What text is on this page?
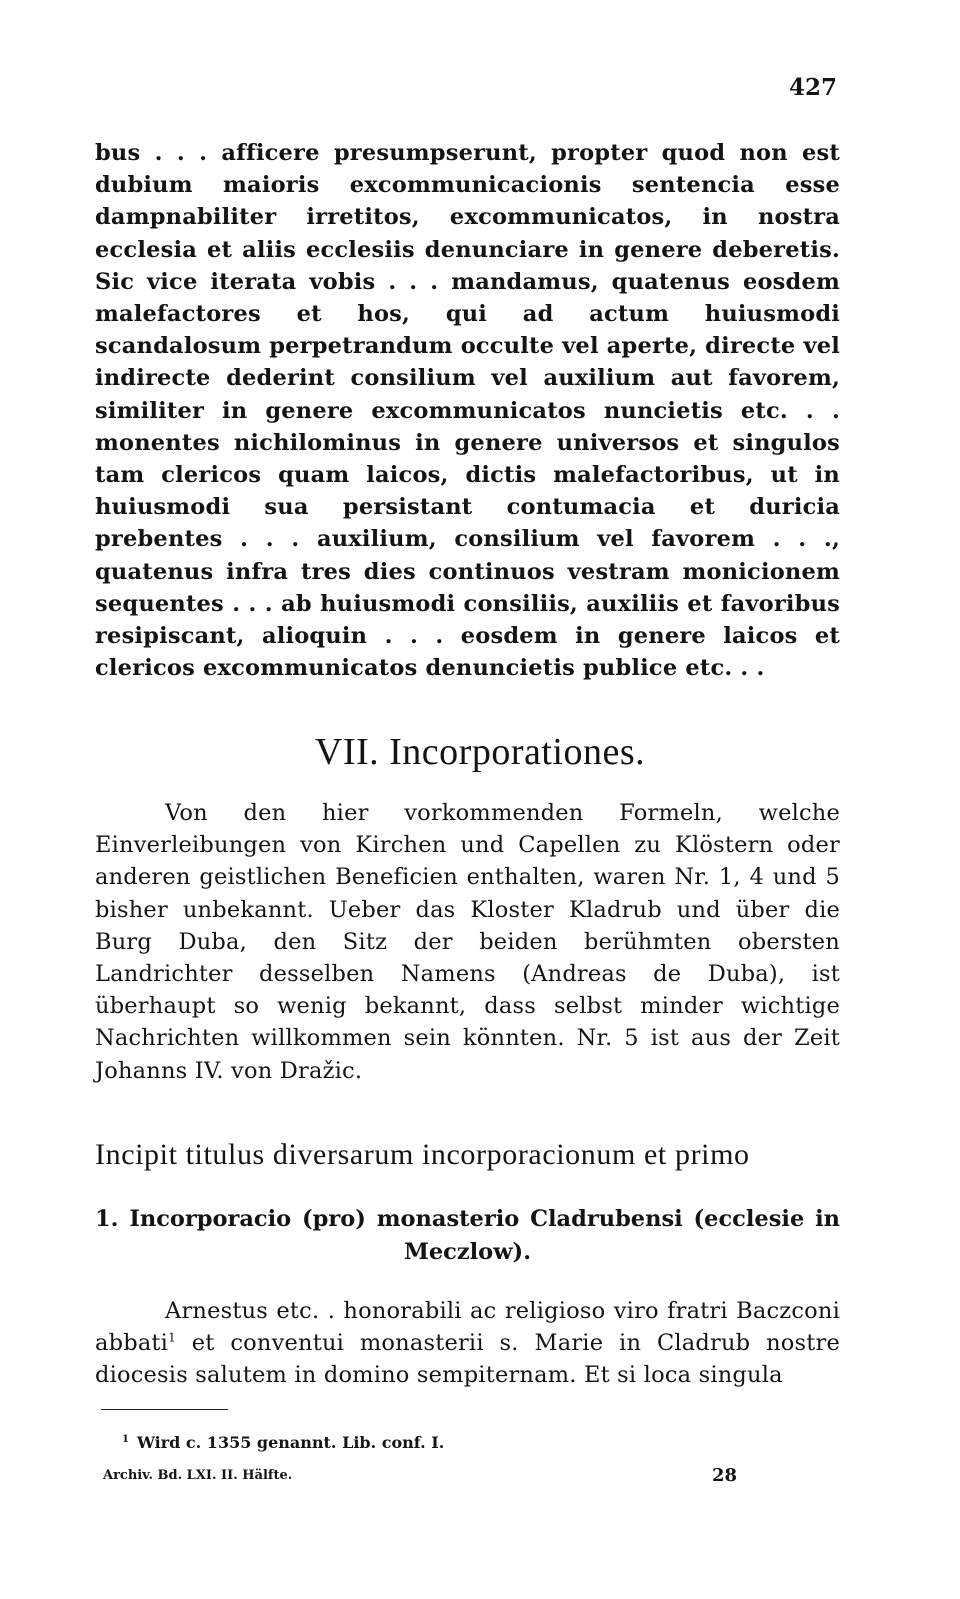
427

bus . . . afficere presumpserunt, propter quod non est dubium maioris excommunicacionis sentencia esse dampnabiliter irretitos, excommunicatos, in nostra ecclesia et aliis ecclesiis denunciare in genere deberetis. Sic vice iterata vobis . . . mandamus, quatenus eosdem malefactores et hos, qui ad actum huiusmodi scandalosum perpetrandum occulte vel aperte, directe vel indirecte dederint consilium vel auxilium aut favorem, similiter in genere excommunicatos nuncietis etc. . . monentes nichilominus in genere universos et singulos tam clericos quam laicos, dictis malefactoribus, ut in huiusmodi sua persistant contumacia et duricia prebentes . . . auxilium, consilium vel favorem . . ., quatenus infra tres dies continuos vestram monicionem sequentes . . . ab huiusmodi consiliis, auxiliis et favoribus resipiscant, alioquin . . . eosdem in genere laicos et clericos excommunicatos denuncietis publice etc. . .

VII. Incorporationes.

Von den hier vorkommenden Formeln, welche Einverleibungen von Kirchen und Capellen zu Klöstern oder anderen geistlichen Beneficien enthalten, waren Nr. 1, 4 und 5 bisher unbekannt. Ueber das Kloster Kladrub und über die Burg Duba, den Sitz der beiden berühmten obersten Landrichter desselben Namens (Andreas de Duba), ist überhaupt so wenig bekannt, dass selbst minder wichtige Nachrichten willkommen sein könnten. Nr. 5 ist aus der Zeit Johanns IV. von Dražic.

Incipit titulus diversarum incorporacionum et primo

1. Incorporacio (pro) monasterio Cladrubensi (ecclesie in Meczlow).

Arnestus etc. . honorabili ac religioso viro fratri Baczconi abbati$^1$ et conventui monasterii s. Marie in Cladrub nostre diocesis salutem in domino sempiternam. Et si loca singula

$^1$ Wird c. 1355 genannt. Lib. conf. I.

Archiv. Bd. LXI. II. Hälfte.	28
